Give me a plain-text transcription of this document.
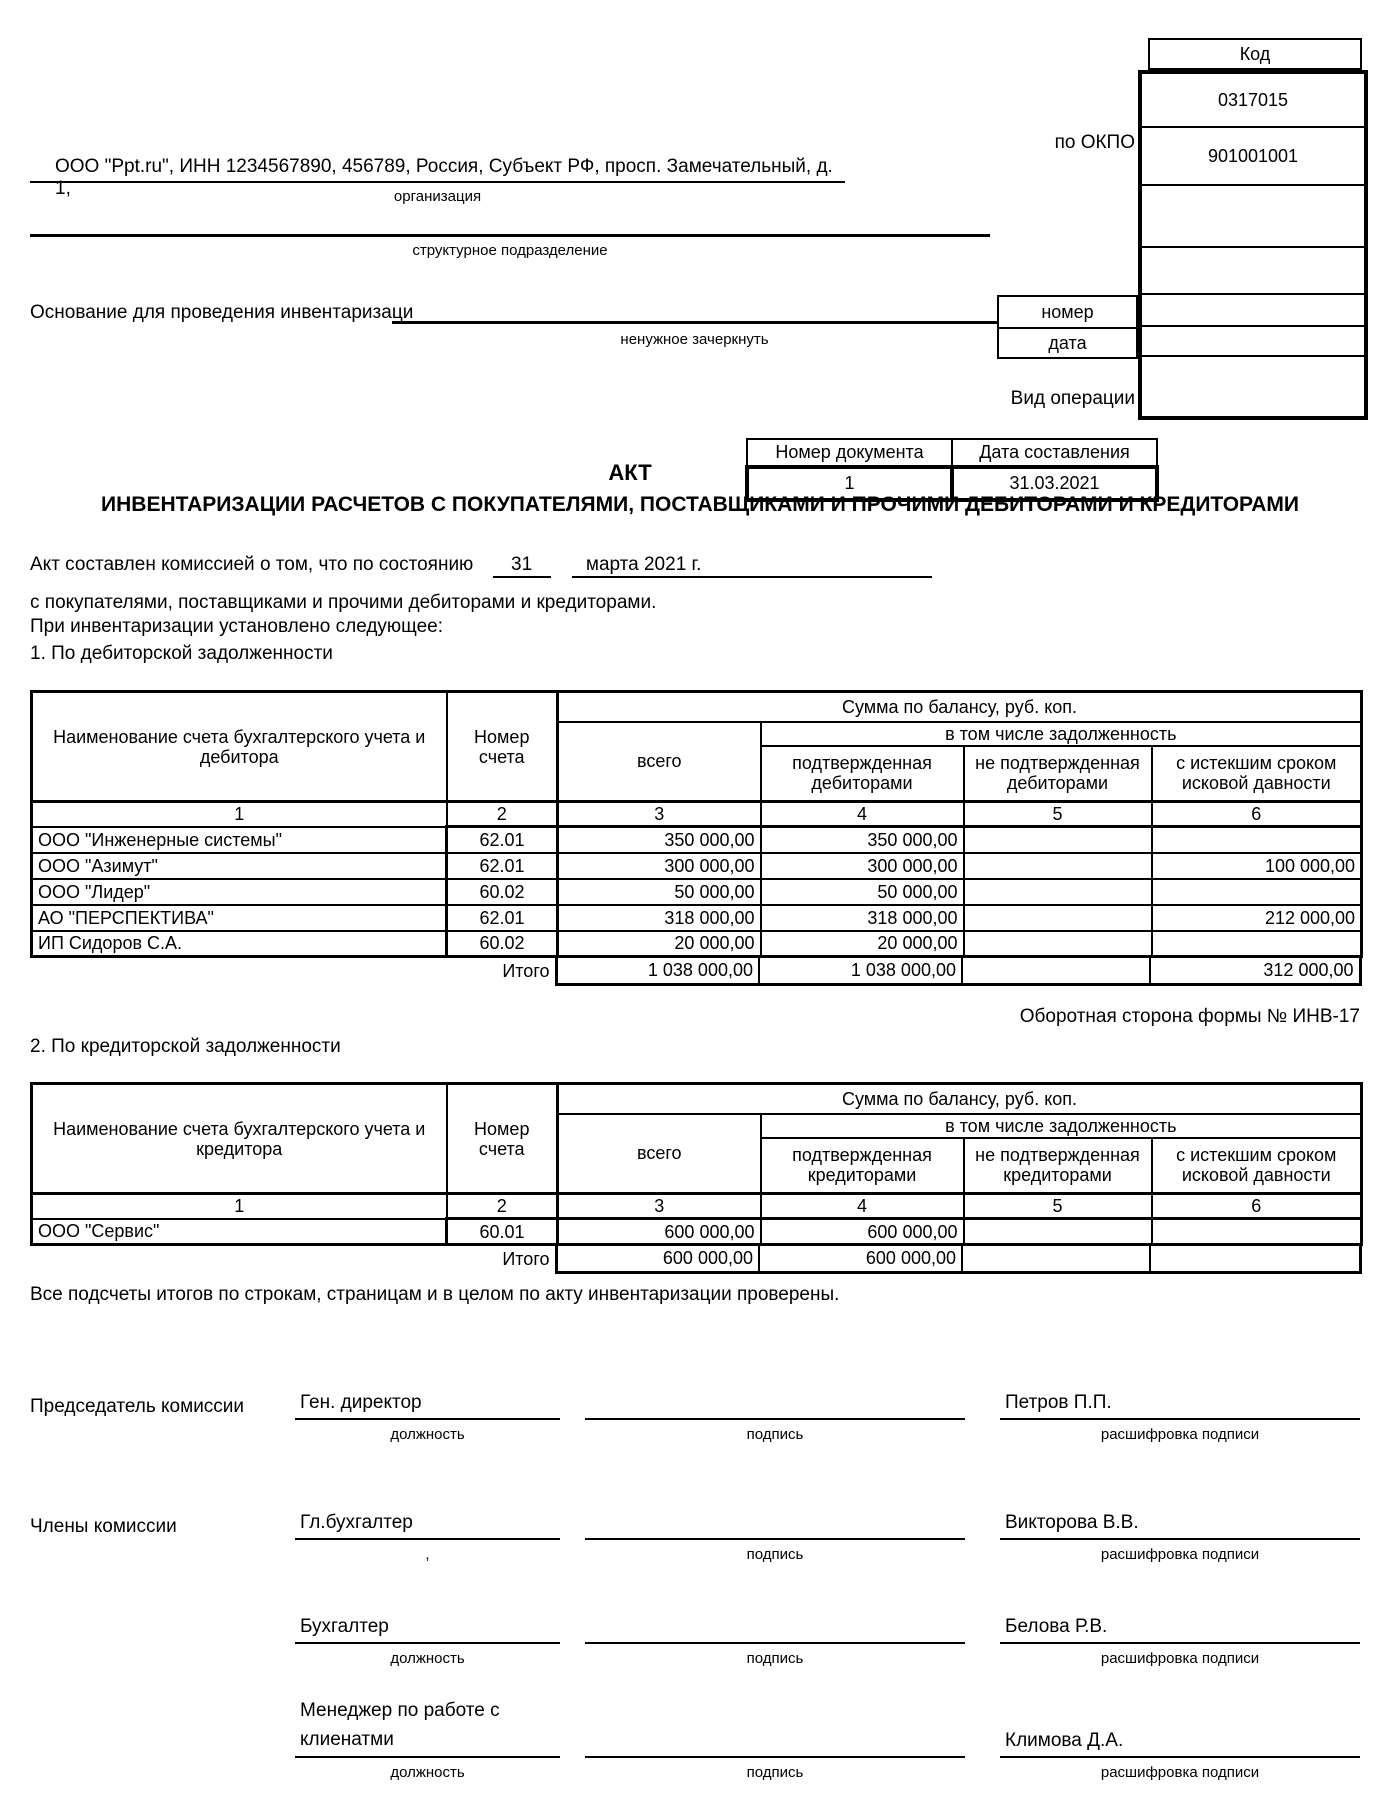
Код
0317015
901001001
по ОКПО
ООО "Ppt.ru", ИНН 1234567890, 456789, Россия, Субъект РФ, просп. Замечательный, д. 1,	организация
структурное подразделение
Основание для проведения инвентаризаци
ненужное зачеркнуть
номер
дата
Вид операции
Номер документа	Дата составления
1	31.03.2021
АКТ
ИНВЕНТАРИЗАЦИИ РАСЧЕТОВ С ПОКУПАТЕЛЯМИ, ПОСТАВЩИКАМИ И ПРОЧИМИ ДЕБИТОРАМИ И КРЕДИТОРАМИ
Акт составлен комиссией о том, что по состоянию 31	марта 2021 г.
с покупателями, поставщиками и прочими дебиторами и кредиторами.
При инвентаризации установлено следующее:
1. По дебиторской задолженности
Наименование счета бухгалтерского учета и дебитора	Номер счета	Сумма по балансу, руб. коп.			
		всего	в том числе задолженность		
			подтвержденная дебиторами	не подтвержденная дебиторами	с истекшим сроком исковой давности
1	2	3	4	5	6
ООО "Инженерные системы"	62.01	350 000,00	350 000,00		
ООО "Азимут"	62.01	300 000,00	300 000,00		100 000,00
ООО "Лидер"	60.02	50 000,00	50 000,00		
АО "ПЕРСПЕКТИВА"	62.01	318 000,00	318 000,00		212 000,00
ИП Сидоров С.А.	60.02	20 000,00	20 000,00		
Итого	1 038 000,00	1 038 000,00		312 000,00
Оборотная сторона формы № ИНВ-17
2. По кредиторской задолженности
Наименование счета бухгалтерского учета и кредитора	Номер счета	Сумма по балансу, руб. коп.			
		всего	в том числе задолженность		
			подтвержденная кредиторами	не подтвержденная кредиторами	с истекшим сроком исковой давности
1	2	3	4	5	6
ООО "Сервис"	60.01	600 000,00	600 000,00		
Итого	600 000,00	600 000,00		
Все подсчеты итогов по строкам, страницам и в целом по акту инвентаризации проверены.
Председатель комиссии	Ген. директор	Петров П.П.
должность	подпись	расшифровка подписи
Члены комиссии	Гл.бухгалтер	Викторова В.В.
,	подпись	расшифровка подписи
Бухгалтер	Белова Р.В.
должность	подпись	расшифровка подписи
Менеджер по работе с клиенатми	Климова Д.А.
должность	подпись	расшифровка подписи
